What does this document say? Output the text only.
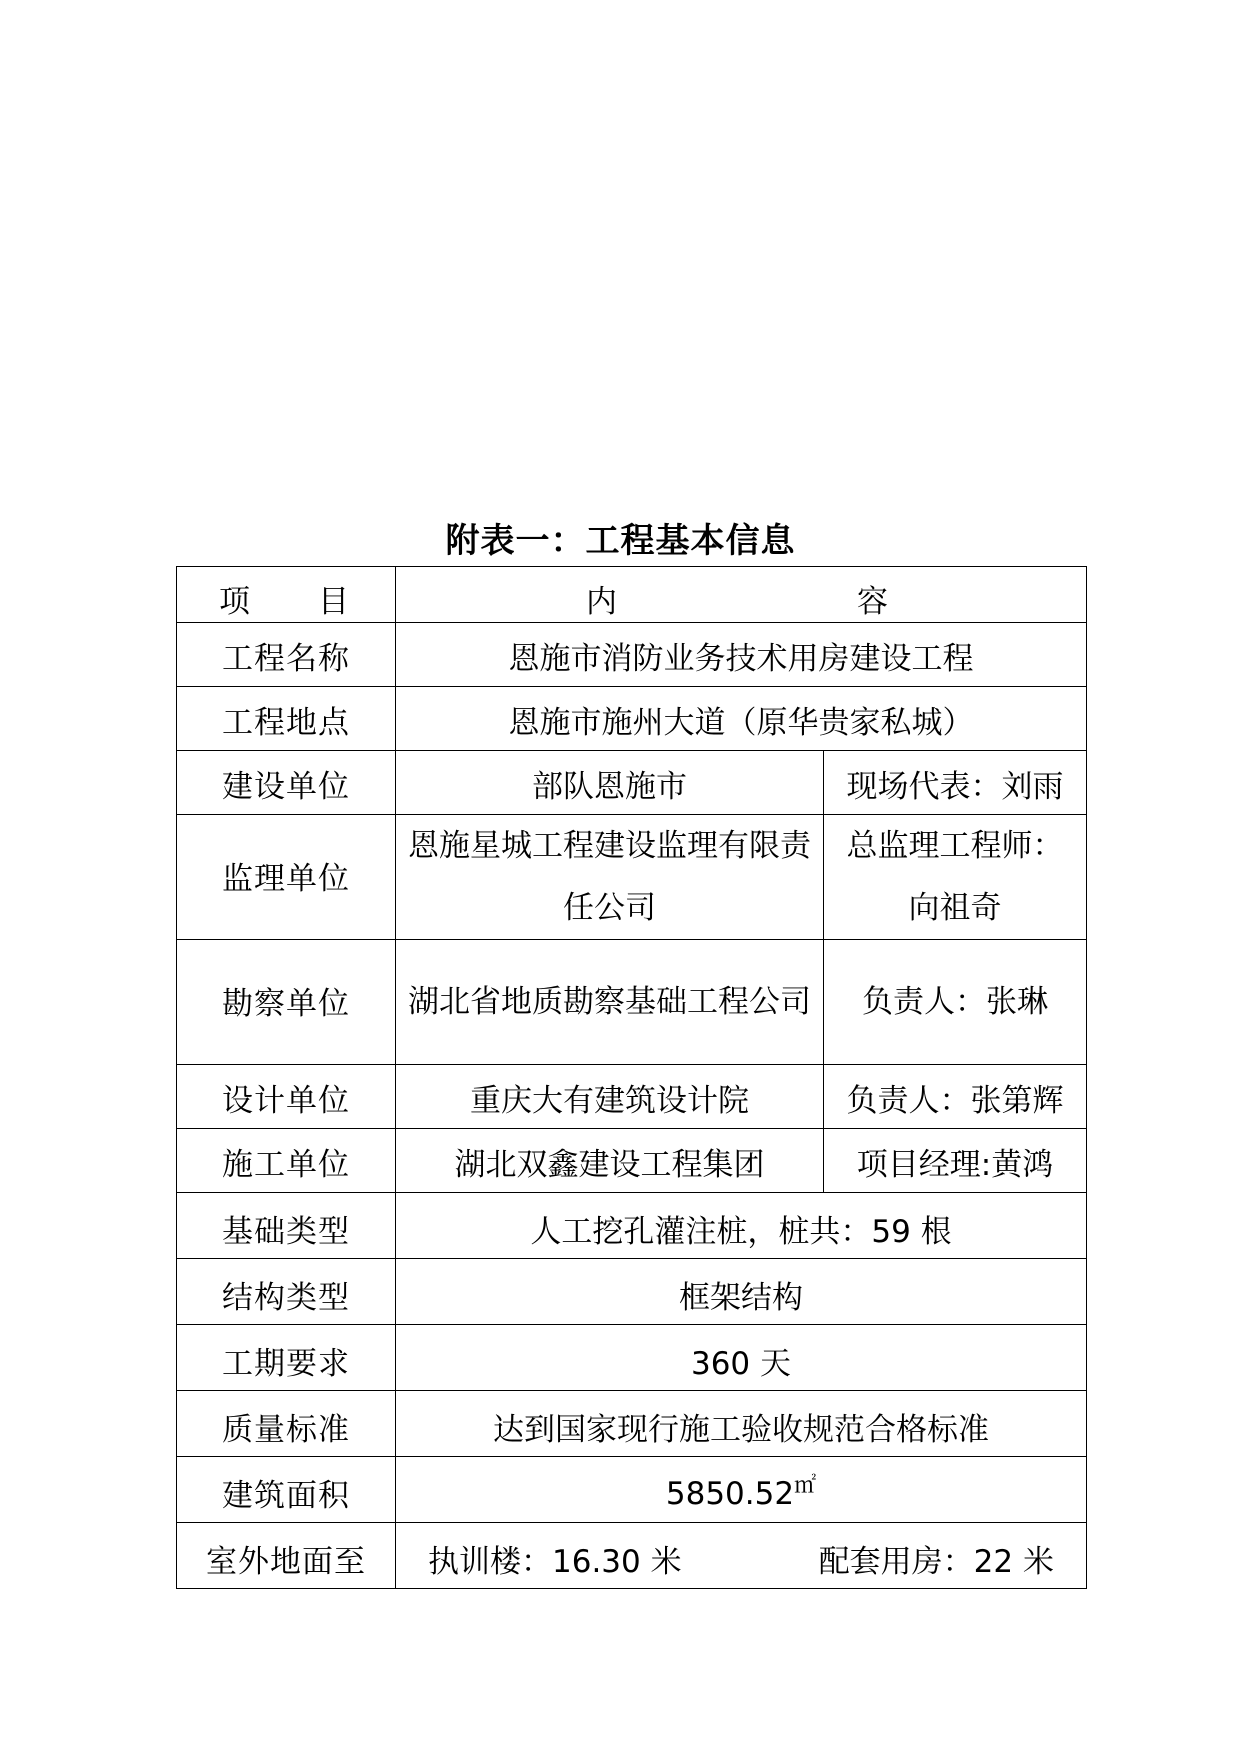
附表一：工程基本信息
项 目	内 容	

工程名称	恩施市消防业务技术用房建设工程	
工程地点	恩施市施州大道（原华贵家私城）	
建设单位	部队恩施市	现场代表：刘雨
监理单位	恩施星城工程建设监理有限责任公司	总监理工程师：向祖奇
勘察单位	湖北省地质勘察基础工程公司	负责人：张琳
设计单位	重庆大有建筑设计院	负责人：张第辉
施工单位	湖北双鑫建设工程集团	项目经理:黄鸿
基础类型	人工挖孔灌注桩，桩共：59 根	
结构类型	框架结构	
工期要求	360 天	
质量标准	达到国家现行施工验收规范合格标准	
建筑面积	5850.52㎡
室外地面至	执训楼：16.30 米 配套用房：22 米	
